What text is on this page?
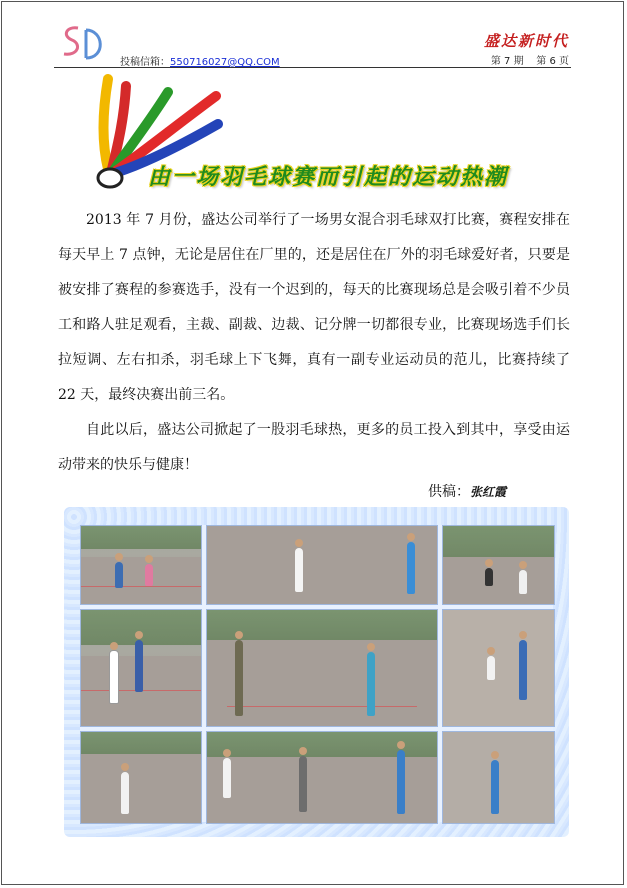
投稿信箱：550716027@QQ.COM
盛达新时代
第 7 期    第 6 页
由一场羽毛球赛而引起的运动热潮

2013 年 7 月份，盛达公司举行了一场男女混合羽毛球双打比赛，赛程安排在每天早上 7 点钟，无论是居住在厂里的，还是居住在厂外的羽毛球爱好者，只要是被安排了赛程的参赛选手，没有一个迟到的，每天的比赛现场总是会吸引着不少员工和路人驻足观看，主裁、副裁、边裁、记分牌一切都很专业，比赛现场选手们长拉短调、左右扣杀，羽毛球上下飞舞，真有一副专业运动员的范儿，比赛持续了 22 天，最终决赛出前三名。

自此以后，盛达公司掀起了一股羽毛球热，更多的员工投入到其中，享受由运动带来的快乐与健康！

供稿：张红霞
